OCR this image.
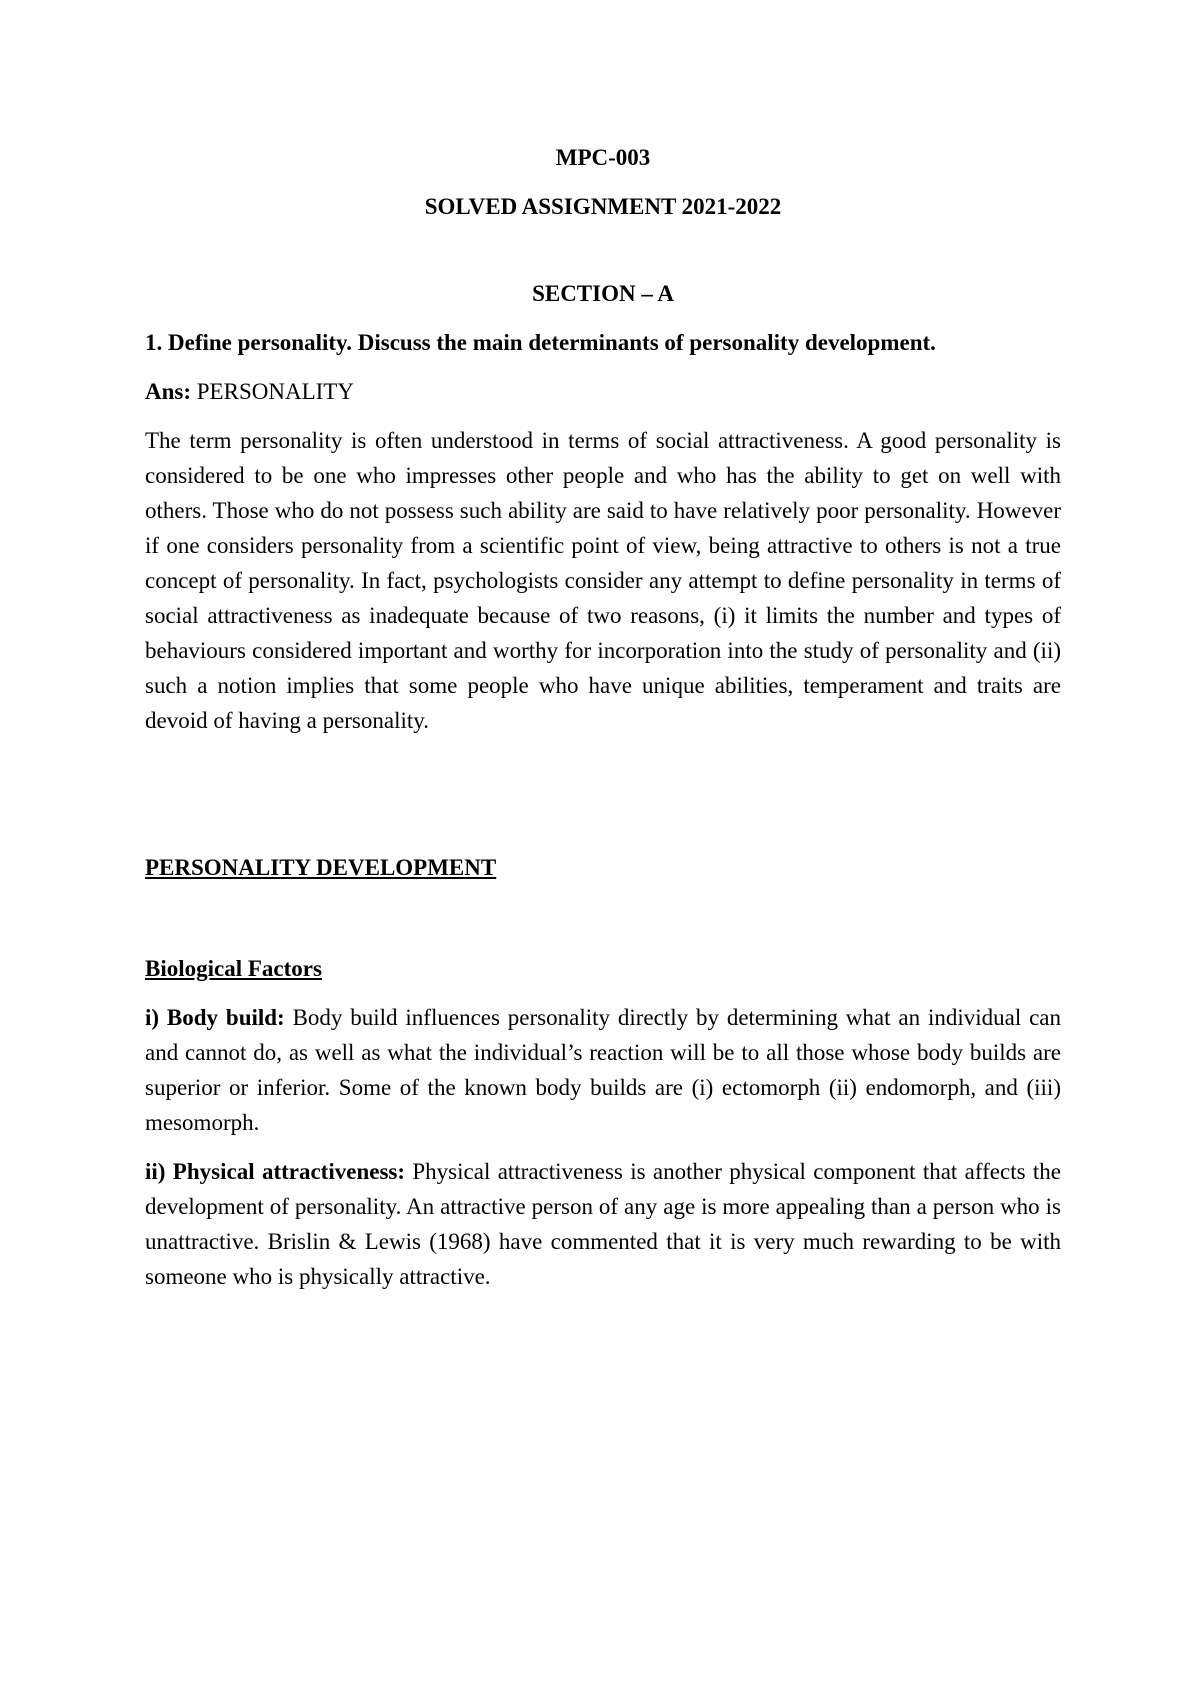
MPC-003

SOLVED ASSIGNMENT 2021-2022

SECTION – A

1. Define personality. Discuss the main determinants of personality development.

Ans: PERSONALITY

The term personality is often understood in terms of social attractiveness. A good personality is considered to be one who impresses other people and who has the ability to get on well with others. Those who do not possess such ability are said to have relatively poor personality. However if one considers personality from a scientific point of view, being attractive to others is not a true concept of personality. In fact, psychologists consider any attempt to define personality in terms of social attractiveness as inadequate because of two reasons, (i) it limits the number and types of behaviours considered important and worthy for incorporation into the study of personality and (ii) such a notion implies that some people who have unique abilities, temperament and traits are devoid of having a personality.

PERSONALITY DEVELOPMENT

Biological Factors

i) Body build: Body build influences personality directly by determining what an individual can and cannot do, as well as what the individual’s reaction will be to all those whose body builds are superior or inferior. Some of the known body builds are (i) ectomorph (ii) endomorph, and (iii) mesomorph.

ii) Physical attractiveness: Physical attractiveness is another physical component that affects the development of personality. An attractive person of any age is more appealing than a person who is unattractive. Brislin & Lewis (1968) have commented that it is very much rewarding to be with someone who is physically attractive.
